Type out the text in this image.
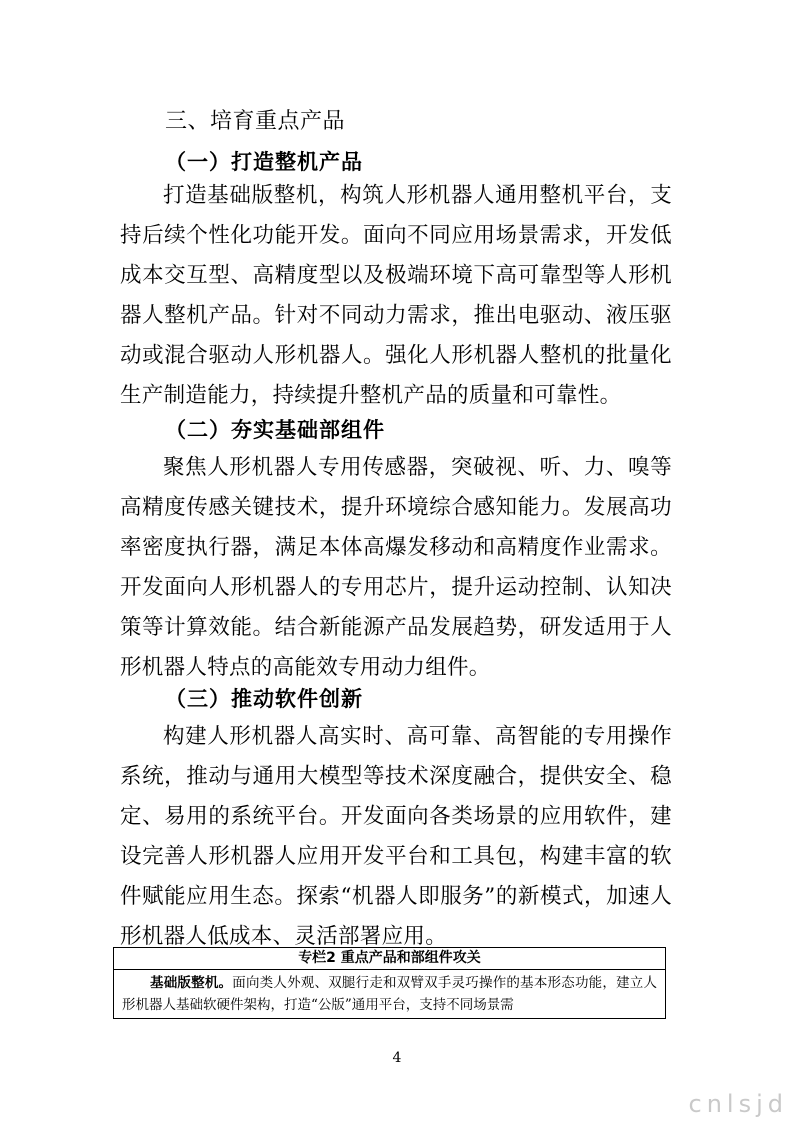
三、培育重点产品
（一）打造整机产品

打造基础版整机，构筑人形机器人通用整机平台，支持后续个性化功能开发。面向不同应用场景需求，开发低成本交互型、高精度型以及极端环境下高可靠型等人形机器人整机产品。针对不同动力需求，推出电驱动、液压驱动或混合驱动人形机器人。强化人形机器人整机的批量化生产制造能力，持续提升整机产品的质量和可靠性。

（二）夯实基础部组件

聚焦人形机器人专用传感器，突破视、听、力、嗅等高精度传感关键技术，提升环境综合感知能力。发展高功率密度执行器，满足本体高爆发移动和高精度作业需求。开发面向人形机器人的专用芯片，提升运动控制、认知决策等计算效能。结合新能源产品发展趋势，研发适用于人形机器人特点的高能效专用动力组件。

（三）推动软件创新

构建人形机器人高实时、高可靠、高智能的专用操作系统，推动与通用大模型等技术深度融合，提供安全、稳定、易用的系统平台。开发面向各类场景的应用软件，建设完善人形机器人应用开发平台和工具包，构建丰富的软件赋能应用生态。探索“机器人即服务”的新模式，加速人形机器人低成本、灵活部署应用。

专栏2 重点产品和部组件攻关
基础版整机。面向类人外观、双腿行走和双臂双手灵巧操作的基本形态功能，建立人形机器人基础软硬件架构，打造“公版”通用平台，支持不同场景需
4
cnlsjd
